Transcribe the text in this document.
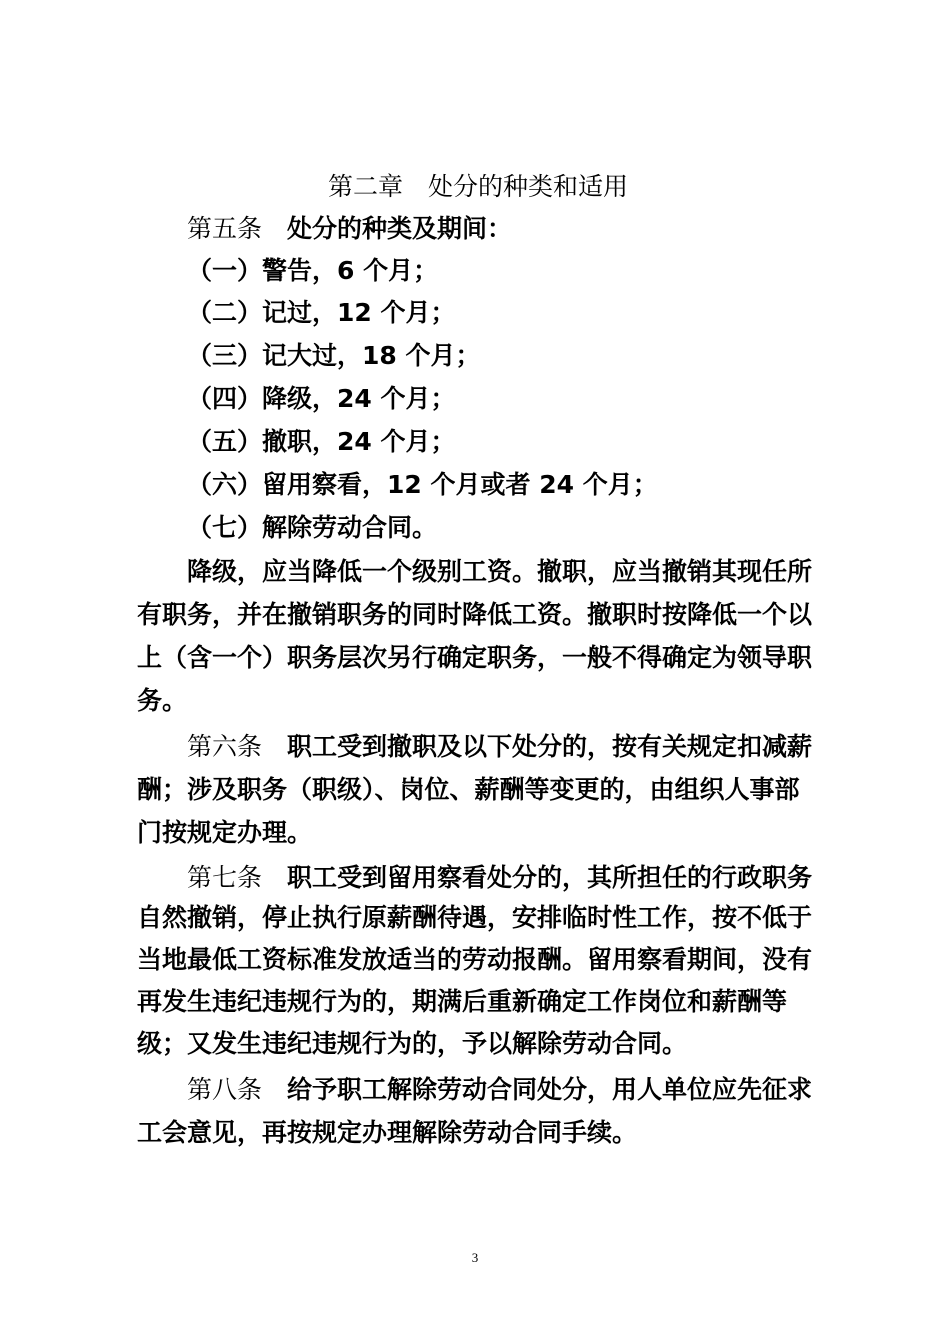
第二章　处分的种类和适用
第五条 处分的种类及期间：
（一）警告，6 个月；
（二）记过，12 个月；
（三）记大过，18 个月；
（四）降级，24 个月；
（五）撤职，24 个月；
（六）留用察看，12 个月或者 24 个月；
（七）解除劳动合同。
降级，应当降低一个级别工资。撤职，应当撤销其现任所
有职务，并在撤销职务的同时降低工资。撤职时按降低一个以
上（含一个）职务层次另行确定职务，一般不得确定为领导职
务。
第六条 职工受到撤职及以下处分的，按有关规定扣减薪
酬；涉及职务（职级）、岗位、薪酬等变更的，由组织人事部
门按规定办理。
第七条 职工受到留用察看处分的，其所担任的行政职务
自然撤销，停止执行原薪酬待遇，安排临时性工作，按不低于
当地最低工资标准发放适当的劳动报酬。留用察看期间，没有
再发生违纪违规行为的，期满后重新确定工作岗位和薪酬等
级；又发生违纪违规行为的，予以解除劳动合同。
第八条 给予职工解除劳动合同处分，用人单位应先征求
工会意见，再按规定办理解除劳动合同手续。
3
